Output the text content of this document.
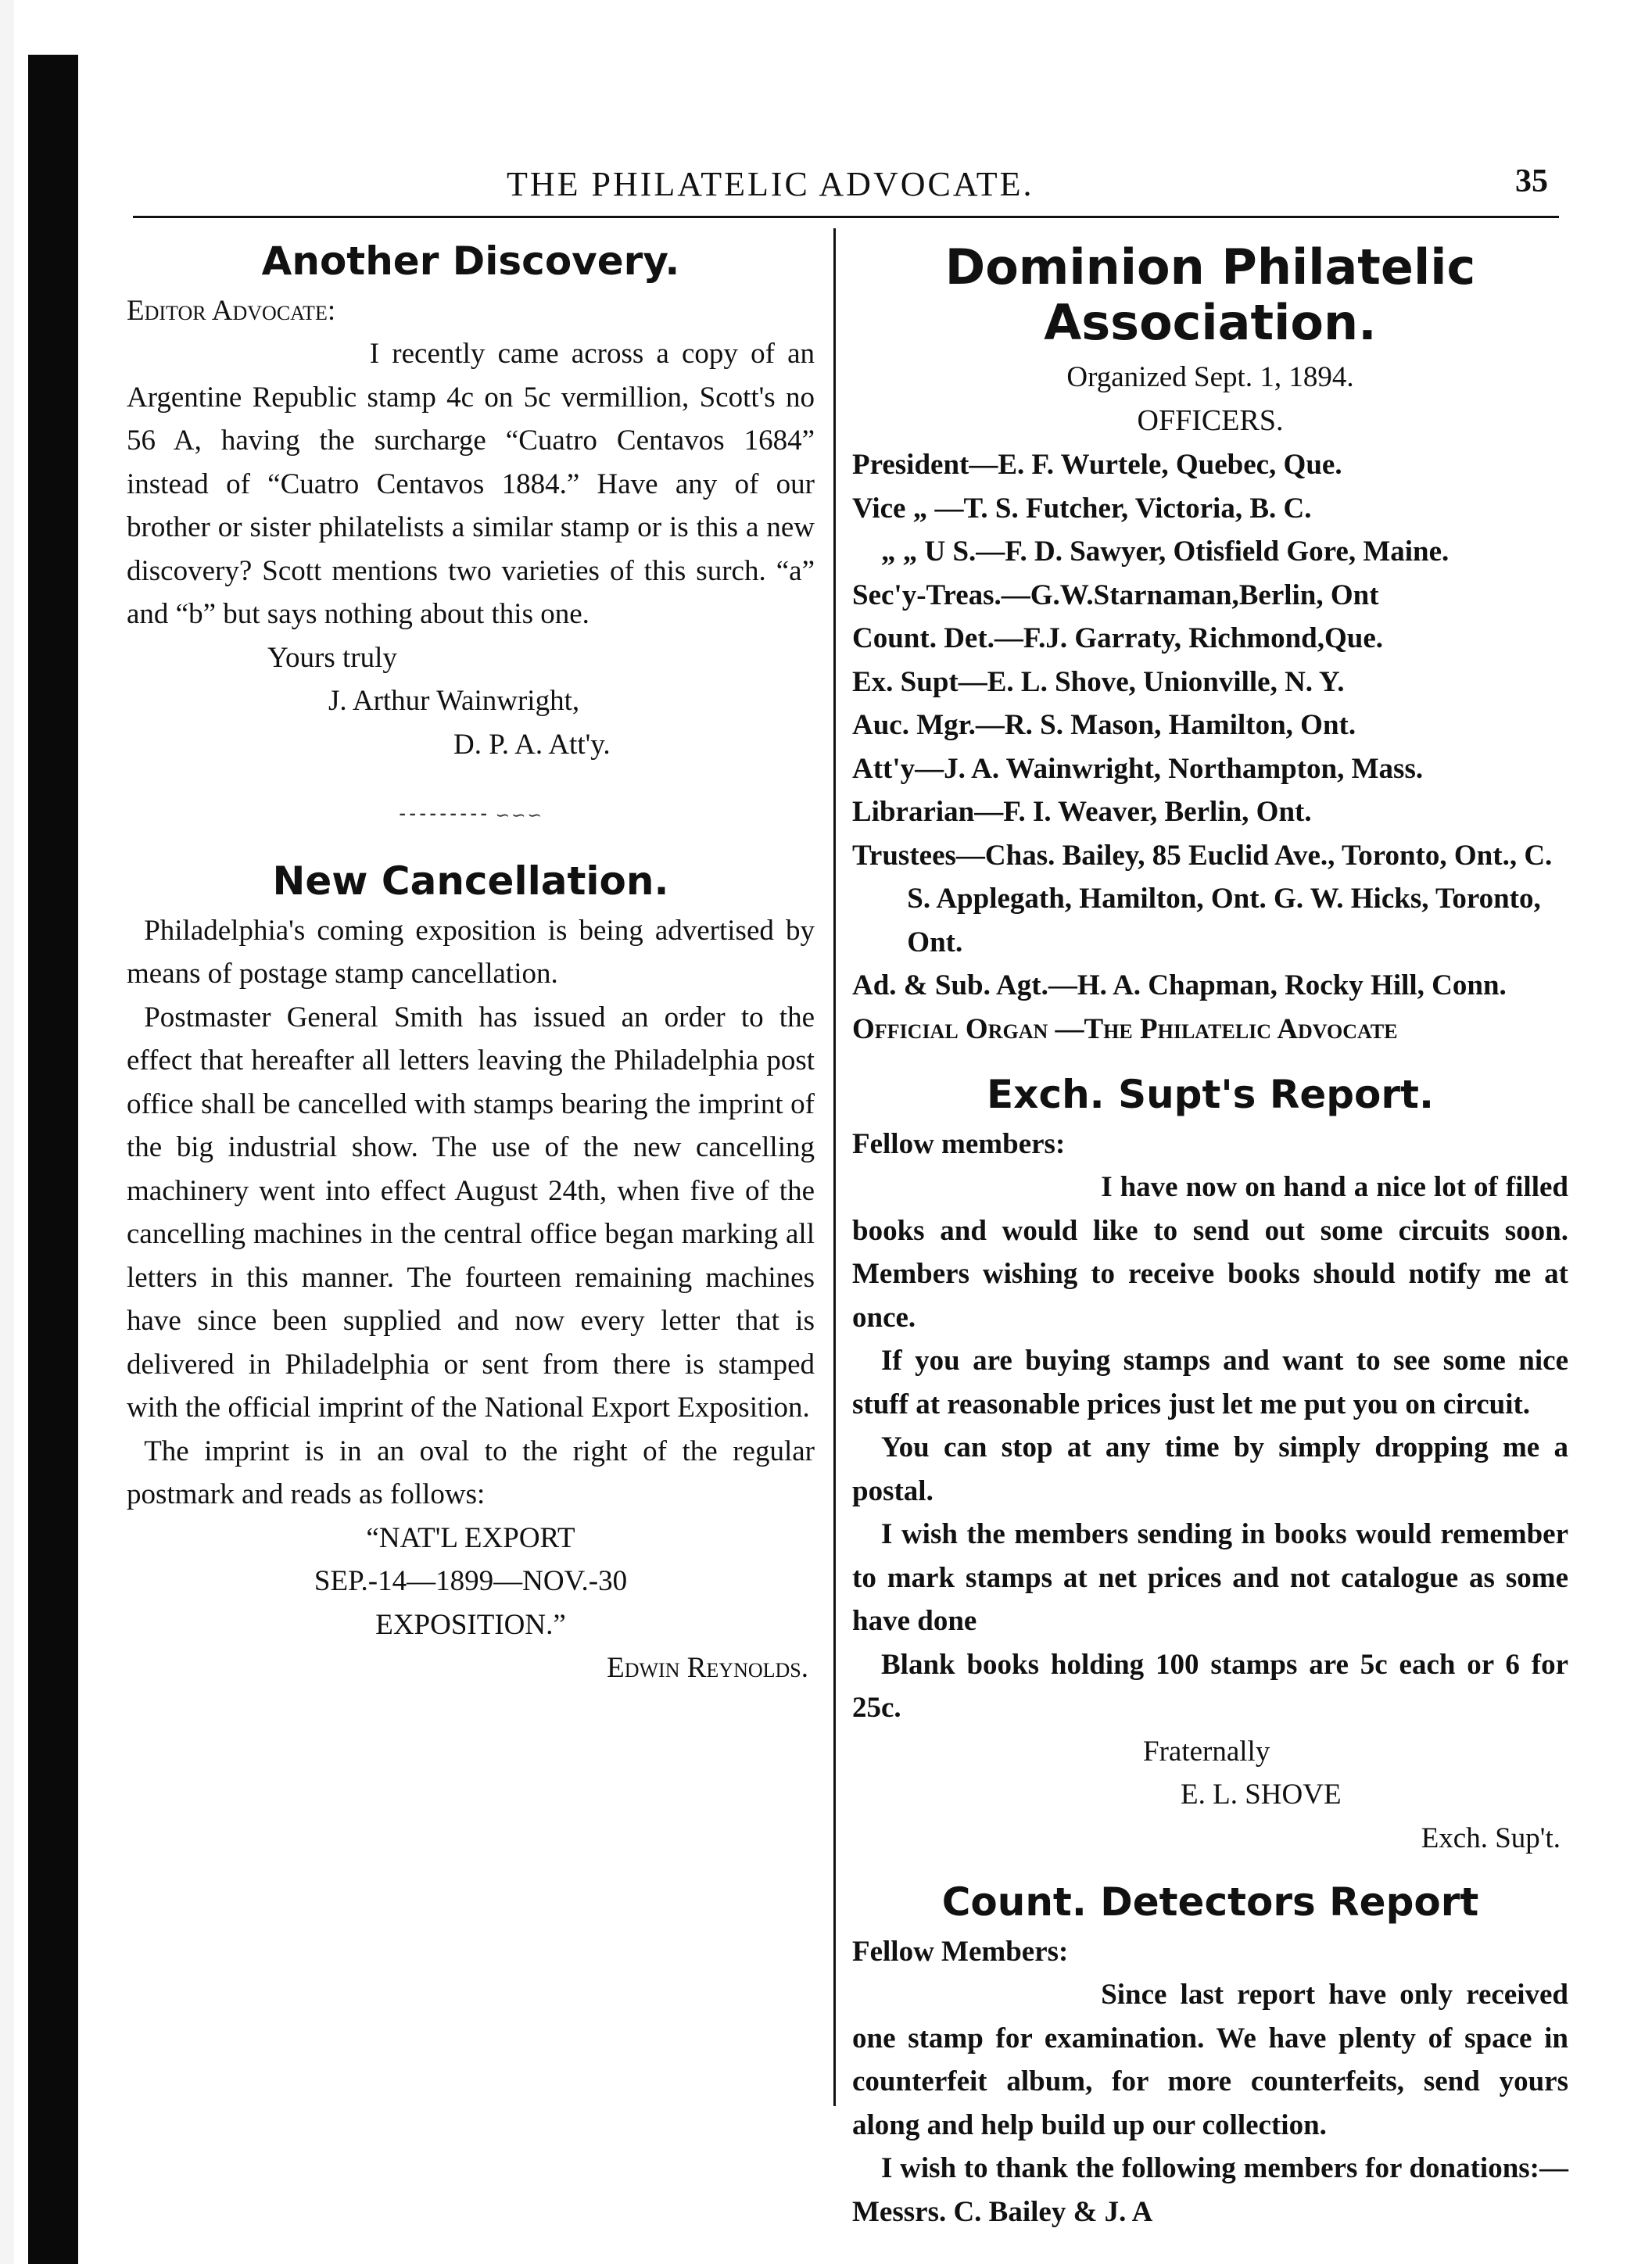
THE PHILATELIC ADVOCATE.	35
Another Discovery.

Editor Advocate:

I recently came across a copy of an Argentine Republic stamp 4c on 5c vermillion, Scott's no 56 A, having the surcharge “Cuatro Centavos 1684” instead of “Cuatro Centavos 1884.” Have any of our brother or sister philatelists a similar stamp or is this a new discovery? Scott mentions two varieties of this surch. “a” and “b” but says nothing about this one.

Yours truly

J. Arthur Wainwright,

D. P. A. Att'y.

⁃⁃⁃⁃⁃⁃⁃⁃⁃ ∽∽∽
New Cancellation.

Philadelphia's coming exposition is being advertised by means of postage stamp cancellation.

Postmaster General Smith has issued an order to the effect that hereafter all letters leaving the Philadelphia post office shall be cancelled with stamps bearing the imprint of the big industrial show. The use of the new cancelling machinery went into effect August 24th, when five of the cancelling machines in the central office began marking all letters in this manner. The fourteen remaining machines have since been supplied and now every letter that is delivered in Philadelphia or sent from there is stamped with the official imprint of the National Export Exposition.

The imprint is in an oval to the right of the regular postmark and reads as follows:

“NAT'L EXPORT

SEP.-14—1899—NOV.-30

EXPOSITION.”

Edwin Reynolds.

Dominion Philatelic
Association.

Organized Sept. 1, 1894.

OFFICERS.

President—E. F. Wurtele, Quebec, Que.

Vice „ —T. S. Futcher, Victoria, B. C.

„ „ U S.—F. D. Sawyer, Otisfield Gore, Maine.

Sec'y-Treas.—G.W.Starnaman,Berlin, Ont

Count. Det.—F.J. Garraty, Richmond,Que.

Ex. Supt—E. L. Shove, Unionville, N. Y.

Auc. Mgr.—R. S. Mason, Hamilton, Ont.

Att'y—J. A. Wainwright, Northampton, Mass.

Librarian—F. I. Weaver, Berlin, Ont.

Trustees—Chas. Bailey, 85 Euclid Ave., Toronto, Ont., C. S. Applegath, Hamilton, Ont. G. W. Hicks, Toronto, Ont.

Ad. & Sub. Agt.—H. A. Chapman, Rocky Hill, Conn.

Official Organ —The Philatelic Advocate

Exch. Supt's Report.

Fellow members:

I have now on hand a nice lot of filled books and would like to send out some circuits soon. Members wishing to receive books should notify me at once.

If you are buying stamps and want to see some nice stuff at reasonable prices just let me put you on circuit.

You can stop at any time by simply dropping me a postal.

I wish the members sending in books would remember to mark stamps at net prices and not catalogue as some have done

Blank books holding 100 stamps are 5c each or 6 for 25c.

Fraternally

E. L. SHOVE

Exch. Sup't.

Count. Detectors Report

Fellow Members:

Since last report have only received one stamp for examination. We have plenty of space in counterfeit album, for more counterfeits, send yours along and help build up our collection.

I wish to thank the following members for donations:— Messrs. C. Bailey & J. A
